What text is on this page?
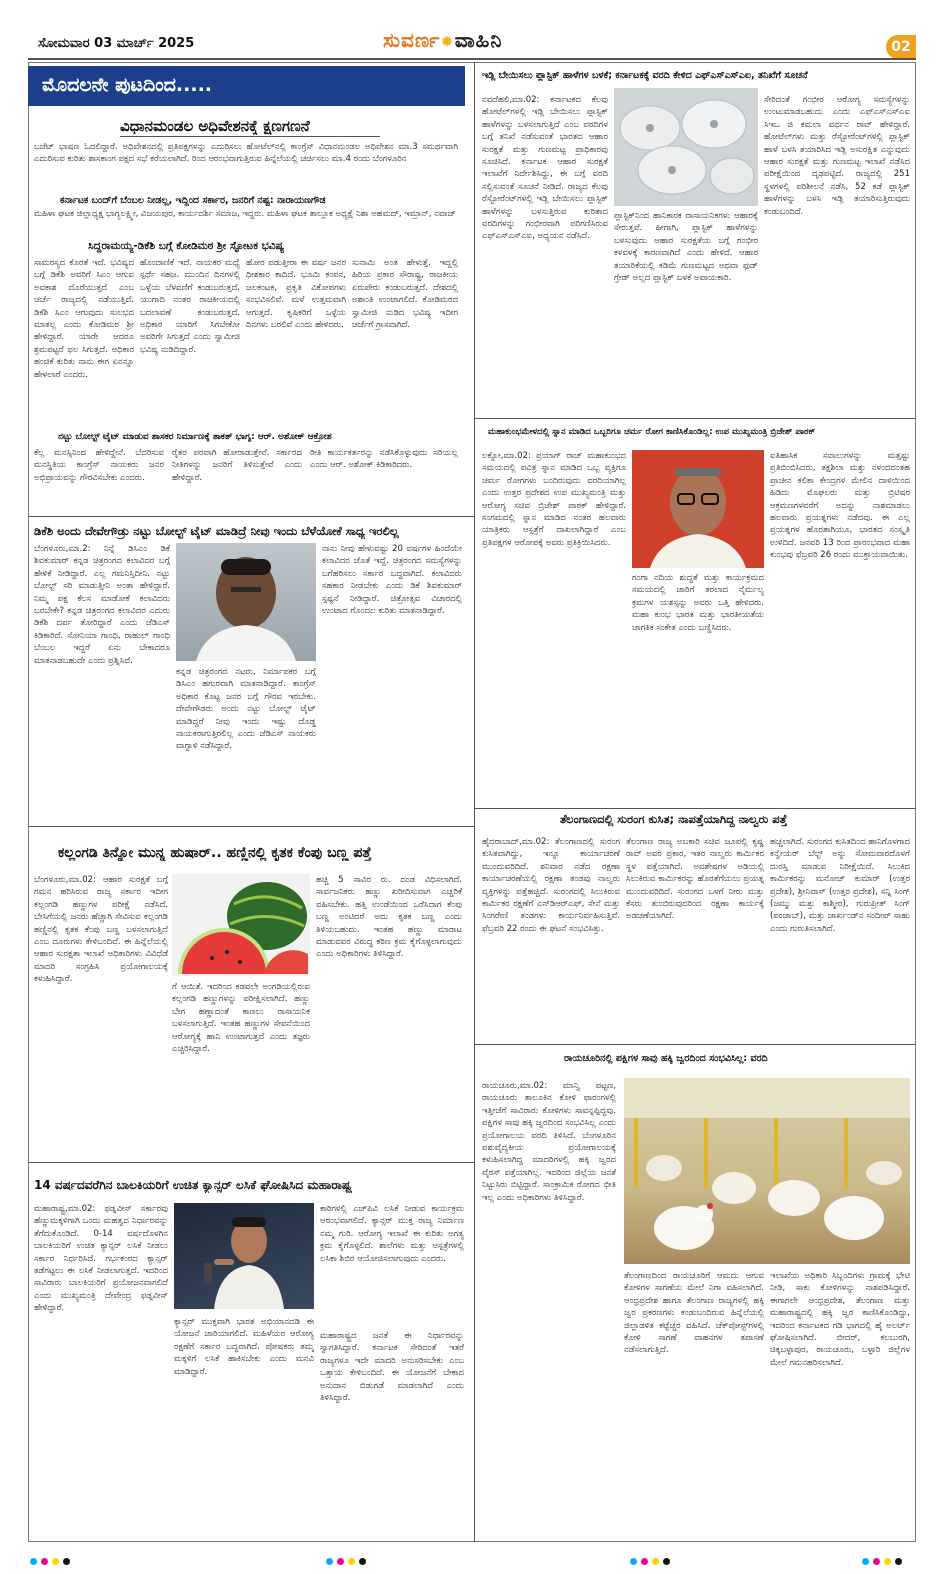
ಸೋಮವಾರ 03 ಮಾರ್ಚ್ 2025	ಸುವರ್ಣ✹ವಾಹಿನಿ	02
ಮೊದಲನೇ ಪುಟದಿಂದ.....
ವಿಧಾನಮಂಡಲ ಅಧಿವೇಶನಕ್ಕೆ ಕ್ಷಣಗಣನೆ
ಬಜೆಟ್ ಭಾಷಣ ಓದಲಿದ್ದಾರೆ. ಅಧಿವೇಶನದಲ್ಲಿ ಪ್ರತಿಪಕ್ಷಗಳನ್ನು ಎದುರಿಸಲು ಹೋಟೆಲ್‌ನಲ್ಲಿ ಕಾಂಗ್ರೆಸ್ ವಿಧಾನಮಂಡಲ ಅಧಿವೇಶನ ಮಾ.3 ಸಮರ್ಥವಾಗಿ ಎದುರಿಸುವ ಕುರಿತು ಶಾಸಕಾಂಗ ಪಕ್ಷದ ಸಭೆ ಕರೆಯಲಾಗಿದೆ. ರಿಂದ ಆರಂಭವಾಗುತ್ತಿರುವ ಹಿನ್ನೆಲೆಯಲ್ಲಿ ಚರ್ಚಿಸಲು ಮಾ.4 ರಂದು ಬೆಂಗಳೂರಿನ
ಕರ್ನಾಟಕ ಬಂದ್‌ಗೆ ಬೆಂಬಲ ನೀಡಲ್ಲ, ಇದ್ದಿಂದ ಸರ್ಕಾರ, ಜನರಿಗೆ ನಷ್ಟ: ನಾರಾಯಣಗೌಡ
ಮಹಿಳಾ ಘಟಕ ಜಿಲ್ಲಾಧ್ಯಕ್ಷ ಭಾಗ್ಯಲಕ್ಷ್ಮೀ, ವಿಜಯಪುರ, ಕಾರ್ಯದರ್ಶಿ ಸಮಾಜ, ಇದ್ದರು. ಮಹಿಳಾ ಘಟಕ ತಾಲ್ಲೂಕ ಅಧ್ಯಕ್ಷೆ ನಿಶಾ ಅಹಮದ್, ಇಮ್ರಾನ್, ನವಾಜ್
ಸಿದ್ದರಾಮಯ್ಯ-ಡಿಕೆಶಿ ಬಗ್ಗೆ ಕೋಡಿಮಠ ಶ್ರೀ ಸ್ಫೋಟಕ ಭವಿಷ್ಯ
ಸಾಮರಸ್ಯದ ಕೊರತೆ ಇದೆ. ಭವಿಷ್ಯದ ಬಗ್ಗೆ ಡಿಕೆಶಿ ಅವರಿಗೆ ಸಿಎಂ ಆಗುವ ಅವಕಾಶ ದೊರೆಯುತ್ತದೆ ಎಂಬ ಚರ್ಚೆ ರಾಜ್ಯದಲ್ಲಿ ನಡೆಯುತ್ತಿದೆ. ಡಿಕೆಶಿ ಸಿಎಂ ಆಗುವುದು ಸುಲಭದ ಮಾತಲ್ಲ ಎಂದು ಕೋಡಿಮಠ ಶ್ರೀ ಹೇಳಿದ್ದಾರೆ. ಯಾರೇ ಆದರೂ ಶ್ರಮಪಟ್ಟರೆ ಫಲ ಸಿಗುತ್ತದೆ. ಅಧಿಕಾರ ಹಂಚಿಕೆ ಕುರಿತು ನಾನು ಈಗ ಏನನ್ನೂ ಹೇಳಲಾರೆ ಎಂದರು.
ಹೊಂದಾಣಿಕೆ ಇದೆ. ನಾಯಕರ ಮಧ್ಯೆ ಸ್ಪರ್ಧೆ ಸಹಜ. ಮುಂದಿನ ದಿನಗಳಲ್ಲಿ ಒಳ್ಳೆಯ ಬೆಳವಣಿಗೆ ಕಂಡುಬರುತ್ತದೆ. ಯುಗಾದಿ ನಂತರ ರಾಜಕೀಯದಲ್ಲಿ ಬದಲಾವಣೆ ಕಂಡುಬರುತ್ತದೆ. ಅಧಿಕಾರ ಯಾರಿಗೆ ಸಿಗಬೇಕೋ ಅವರಿಗೇ ಸಿಗುತ್ತದೆ ಎಂದು ಸ್ವಾಮೀಜಿ ಭವಿಷ್ಯ ನುಡಿದಿದ್ದಾರೆ.
ಹೋರ ಪಡುತ್ತೀರಾ ಈ ವರ್ಷ ಜನರ ಧೀಶಕಾರ ಕಾದಿದೆ. ಭೂಮಿ ಕಂಪನ, ಜಲಕಂಟಕ, ಪ್ರಕೃತಿ ವಿಕೋಪಗಳು ಸಂಭವಿಸಲಿವೆ. ಮಳೆ ಉತ್ತಮವಾಗಿ ಆಗುತ್ತದೆ. ಕೃಷಿಕರಿಗೆ ಒಳ್ಳೆಯ ದಿನಗಳು ಬರಲಿವೆ ಎಂದು ಹೇಳಿದರು.
ಸುನಾಮಿ ಅಂತ ಹೇಳುತ್ತೆ. ಇದ್ದಲ್ಲಿ ಹಿರಿಯ ಪ್ರಕಾರ ಸೌರಾಷ್ಟ್ರ, ರಾಜಕೀಯ ಏರುಪೇರು ಕಂಡುಬರುತ್ತದೆ. ದೇಶದಲ್ಲಿ ಅಶಾಂತಿ ಉಂಟಾಗಲಿದೆ. ಕೋಡಿಮಠದ ಸ್ವಾಮೀಜಿ ನುಡಿದ ಭವಿಷ್ಯ ಇದೀಗ ಚರ್ಚೆಗೆ ಗ್ರಾಸವಾಗಿದೆ.
ನಟ್ಟು ಬೋಲ್ಟ್ ಟೈಟ್ ಮಾಡುವ ಶಾಸಕರ ನಿರ್ಮಾಣಕ್ಕೆ ತಾಕತ್ ಭಾಗ್ಯ: ಆರ್. ಅಶೋಕ್ ಆಕ್ರೋಶ
ಕೆಲ್ಲ ಮನಸ್ಸಿನಿಂದ ಹೇಳಿದ್ದೇನೆ. ಬೆದರಿಸುವ ಮನಸ್ಥಿತಿಯ ಕಾಂಗ್ರೆಸ್ ನಾಯಕರು ಜನರ ಅಭಿಪ್ರಾಯವನ್ನು ಗೌರವಿಸಬೇಕು ಎಂದರು.
ರೈತರ ಪರವಾಗಿ ಹೋರಾಡುತ್ತೇವೆ. ಸರ್ಕಾರದ ನೀತಿಗಳನ್ನು ಜನರಿಗೆ ತಿಳಿಸುತ್ತೇವೆ ಎಂದು ಹೇಳಿದ್ದಾರೆ.
ರೀತಿ ಕಾರ್ಯಕರ್ತರನ್ನು ನಡೆಸಿಕೊಳ್ಳುವುದು ಸರಿಯಲ್ಲ ಎಂದು ಆರ್. ಅಶೋಕ್ ಕಿಡಿಕಾರಿದರು.
ಡಿಕೆಶಿ ಅಂದು ದೇವೇಗೌಡ್ರು ನಟ್ಟು ಬೋಲ್ಟ್ ಟೈಟ್ ಮಾಡಿದ್ರೆ ನೀವು ಇಂದು ಬೆಳೆಯೋಕೆ ಸಾಧ್ಯ ಇರಲಿಲ್ಲ
ಬೆಂಗಳೂರು,ಮಾ.2: ನಿನ್ನೆ ಡಿಸಿಎಂ ಡಿಕೆ ಶಿವಕುಮಾರ್ ಕನ್ನಡ ಚಿತ್ರರಂಗದ ಕಲಾವಿದರ ಬಗ್ಗೆ ಹೇಳಿಕೆ ನೀಡಿದ್ದಾರೆ. ಎಲ್ಲ ಗಮನಿಸ್ತಿದೀನಿ. ನಟ್ಟು ಬೋಲ್ಟ್ ಸರಿ ಮಾಡುತ್ತೀನಿ ಅಂತಾ ಹೇಳಿದ್ದಾರೆ. ನಿಮ್ಮ ಪಕ್ಷ ಕೆಲಸ ಮಾಡೋಕೆ ಕಲಾವಿದರು ಬರಬೇಕೇ? ಕನ್ನಡ ಚಿತ್ರರಂಗದ ಕಲಾವಿದರ ಎದುರು ಡಿಕೆಶಿ ದರ್ಪ ತೋರಿದ್ದಾರೆ ಎಂದು ಜೆಡಿಎಸ್ ಕಿಡಿಕಾರಿದೆ. ಸೋನಿಯಾ ಗಾಂಧಿ, ರಾಹುಲ್ ಗಾಂಧಿ ಬೆಂಬಲ ಇದ್ದರೆ ಏನು ಬೇಕಾದರೂ ಮಾತನಾಡಬಹುದೇ ಎಂದು ಪ್ರಶ್ನಿಸಿದೆ.
ಕನ್ನಡ ಚಿತ್ರರಂಗದ ನಟರು, ನಿರ್ಮಾಪಕರ ಬಗ್ಗೆ ಡಿಸಿಎಂ ಹಗುರವಾಗಿ ಮಾತನಾಡಿದ್ದಾರೆ. ಕಾಂಗ್ರೆಸ್ ಅಧಿಕಾರ ಕೊಟ್ಟ ಜನರ ಬಗ್ಗೆ ಗೌರವ ಇರಬೇಕು. ದೇವೇಗೌಡರು ಅಂದು ನಟ್ಟು ಬೋಲ್ಟ್ ಟೈಟ್ ಮಾಡಿದ್ದರೆ ನೀವು ಇಂದು ಇಷ್ಟು ದೊಡ್ಡ ನಾಯಕರಾಗುತ್ತಿರಲಿಲ್ಲ ಎಂದು ಜೆಡಿಎಸ್ ನಾಯಕರು ವಾಗ್ದಾಳಿ ನಡೆಸಿದ್ದಾರೆ.
ನಾನು ನೀವು ಹೇಳುವಷ್ಟು 20 ವರ್ಷಗಳ ಹಿಂದೆಯೇ ಕಲಾವಿದರ ಜೊತೆ ಇದ್ದೆ. ಚಿತ್ರರಂಗದ ಸಮಸ್ಯೆಗಳನ್ನು ಬಗೆಹರಿಸಲು ಸರ್ಕಾರ ಬದ್ಧವಾಗಿದೆ. ಕಲಾವಿದರು ಸಹಕಾರ ನೀಡಬೇಕು ಎಂದು ಡಿಕೆ ಶಿವಕುಮಾರ್ ಸ್ಪಷ್ಟನೆ ನೀಡಿದ್ದಾರೆ. ಚಿತ್ರೋತ್ಸವ ವಿಚಾರದಲ್ಲಿ ಉಂಟಾದ ಗೊಂದಲ ಕುರಿತು ಮಾತನಾಡಿದ್ದಾರೆ.
ಕಲ್ಲಂಗಡಿ ತಿನ್ನೋ ಮುನ್ನ ಹುಷಾರ್.. ಹಣ್ಣಿನಲ್ಲಿ ಕೃತಕ ಕೆಂಪು ಬಣ್ಣ ಪತ್ತೆ
ಬೆಂಗಳೂರು,ಮಾ.02: ಆಹಾರ ಸುರಕ್ಷತೆ ಬಗ್ಗೆ ಗಮನ ಹರಿಸಿರುವ ರಾಜ್ಯ ಸರ್ಕಾರ ಇದೀಗ ಕಲ್ಲಂಗಡಿ ಹಣ್ಣುಗಳ ಪರೀಕ್ಷೆ ನಡೆಸಿದೆ. ಬೇಸಿಗೆಯಲ್ಲಿ ಜನರು ಹೆಚ್ಚಾಗಿ ಸೇವಿಸುವ ಕಲ್ಲಂಗಡಿ ಹಣ್ಣಿನಲ್ಲಿ ಕೃತಕ ಕೆಂಪು ಬಣ್ಣ ಬಳಸಲಾಗುತ್ತಿದೆ ಎಂಬ ದೂರುಗಳು ಕೇಳಿಬಂದಿವೆ. ಈ ಹಿನ್ನೆಲೆಯಲ್ಲಿ ಆಹಾರ ಸುರಕ್ಷತಾ ಇಲಾಖೆ ಅಧಿಕಾರಿಗಳು ವಿವಿಧೆಡೆ ಮಾದರಿ ಸಂಗ್ರಹಿಸಿ ಪ್ರಯೋಗಾಲಯಕ್ಕೆ ಕಳುಹಿಸಿದ್ದಾರೆ.
ಗೆ ಆಯಿತೆ. ಇದರಿಂದ ಕಡವಲೇ ಅಂಗಡಿಯಲ್ಲಿರುವ ಕಲ್ಲಂಗಡಿ ಹಣ್ಣುಗಳನ್ನು ಪರೀಕ್ಷಿಸಲಾಗಿದೆ. ಹಣ್ಣು ಬೇಗ ಹಣ್ಣಾದಂತೆ ಕಾಣಲು ರಾಸಾಯನಿಕ ಬಳಸಲಾಗುತ್ತಿದೆ. ಇಂತಹ ಹಣ್ಣುಗಳ ಸೇವನೆಯಿಂದ ಆರೋಗ್ಯಕ್ಕೆ ಹಾನಿ ಉಂಟಾಗುತ್ತದೆ ಎಂದು ತಜ್ಞರು ಎಚ್ಚರಿಸಿದ್ದಾರೆ.
ಹಚ್ಚಿ 5 ಸಾವಿರ ರು. ದಂಡ ವಿಧಿಸಲಾಗಿದೆ. ಸಾರ್ವಜನಿಕರು ಹಣ್ಣು ಖರೀದಿಸುವಾಗ ಎಚ್ಚರಿಕೆ ವಹಿಸಬೇಕು. ಹತ್ತಿ ಉಂಡೆಯಿಂದ ಒರೆಸಿದಾಗ ಕೆಂಪು ಬಣ್ಣ ಅಂಟಿದರೆ ಅದು ಕೃತಕ ಬಣ್ಣ ಎಂದು ತಿಳಿಯಬಹುದು. ಇಂತಹ ಹಣ್ಣು ಮಾರಾಟ ಮಾಡುವವರ ವಿರುದ್ಧ ಕಠಿಣ ಕ್ರಮ ಕೈಗೊಳ್ಳಲಾಗುವುದು ಎಂದು ಅಧಿಕಾರಿಗಳು ತಿಳಿಸಿದ್ದಾರೆ.
14 ವರ್ಷದವರೆಗಿನ ಬಾಲಕಿಯರಿಗೆ ಉಚಿತ ಕ್ಯಾನ್ಸರ್ ಲಸಿಕೆ ಘೋಷಿಸಿದ ಮಹಾರಾಷ್ಟ್ರ
ಮಹಾರಾಷ್ಟ್ರ,ಮಾ.02: ಫಡ್ನವೀಸ್ ಸರ್ಕಾರವು ಹೆಣ್ಣುಮಕ್ಕಳಿಗಾಗಿ ಒಂದು ಮಹತ್ವದ ನಿರ್ಧಾರವನ್ನು ತೆಗೆದುಕೊಂಡಿದೆ. 0-14 ವರ್ಷದೊಳಗಿನ ಬಾಲಕಿಯರಿಗೆ ಉಚಿತ ಕ್ಯಾನ್ಸರ್ ಲಸಿಕೆ ನೀಡಲು ಸರ್ಕಾರ ನಿರ್ಧರಿಸಿದೆ. ಗರ್ಭಕಂಠದ ಕ್ಯಾನ್ಸರ್ ತಡೆಗಟ್ಟಲು ಈ ಲಸಿಕೆ ನೀಡಲಾಗುತ್ತದೆ. ಇದರಿಂದ ಸಾವಿರಾರು ಬಾಲಕಿಯರಿಗೆ ಪ್ರಯೋಜನವಾಗಲಿದೆ ಎಂದು ಮುಖ್ಯಮಂತ್ರಿ ದೇವೇಂದ್ರ ಫಡ್ನವೀಸ್ ಹೇಳಿದ್ದಾರೆ.
ಕಾರಿಗಳಲ್ಲಿ ಎಚ್‌ಪಿವಿ ಲಸಿಕೆ ನೀಡುವ ಕಾರ್ಯಕ್ರಮ ಆರಂಭವಾಗಲಿದೆ. ಕ್ಯಾನ್ಸರ್ ಮುಕ್ತ ರಾಜ್ಯ ನಿರ್ಮಾಣ ನಮ್ಮ ಗುರಿ. ಆರೋಗ್ಯ ಇಲಾಖೆ ಈ ಕುರಿತು ಅಗತ್ಯ ಕ್ರಮ ಕೈಗೊಳ್ಳಲಿದೆ. ಶಾಲೆಗಳು ಮತ್ತು ಆಸ್ಪತ್ರೆಗಳಲ್ಲಿ ಲಸಿಕಾ ಶಿಬಿರ ಆಯೋಜಿಸಲಾಗುವುದು ಎಂದರು.
ಕ್ಯಾನ್ಸರ್ ಮುಕ್ತವಾಗಿ ಭಾರತ ಅಭಿಯಾನದಡಿ ಈ ಯೋಜನೆ ಜಾರಿಯಾಗಲಿದೆ. ಮಹಿಳೆಯರ ಆರೋಗ್ಯ ರಕ್ಷಣೆಗೆ ಸರ್ಕಾರ ಬದ್ಧವಾಗಿದೆ. ಪೋಷಕರು ತಮ್ಮ ಮಕ್ಕಳಿಗೆ ಲಸಿಕೆ ಹಾಕಿಸಬೇಕು ಎಂದು ಮನವಿ ಮಾಡಿದ್ದಾರೆ.
ಮಹಾರಾಷ್ಟ್ರದ ಜನತೆ ಈ ನಿರ್ಧಾರವನ್ನು ಸ್ವಾಗತಿಸಿದ್ದಾರೆ. ಕರ್ನಾಟಕ ಸೇರಿದಂತೆ ಇತರೆ ರಾಜ್ಯಗಳೂ ಇದೇ ಮಾದರಿ ಅನುಸರಿಸಬೇಕು ಎಂಬ ಒತ್ತಾಯ ಕೇಳಿಬಂದಿದೆ. ಈ ಯೋಜನೆಗೆ ಬೇಕಾದ ಅನುದಾನ ಬಿಡುಗಡೆ ಮಾಡಲಾಗಿದೆ ಎಂದು ತಿಳಿಸಿದ್ದಾರೆ.
ಇಡ್ಲಿ ಬೇಯಿಸಲು ಪ್ಲಾಸ್ಟಿಕ್ ಹಾಳೆಗಳ ಬಳಕೆ; ಕರ್ನಾಟಕಕ್ಕೆ ವರದಿ ಕೇಳಿದ ಎಫ್‌ಎಸ್‌ಎಸ್‌ಎಐ, ತನಿಖೆಗೆ ಸೂಚನೆ
ನವದೆಹಲಿ,ಮಾ.02: ಕರ್ನಾಟಕದ ಕೆಲವು ಹೋಟೆಲ್‌ಗಳಲ್ಲಿ ಇಡ್ಲಿ ಬೇಯಿಸಲು ಪ್ಲಾಸ್ಟಿಕ್ ಹಾಳೆಗಳನ್ನು ಬಳಸಲಾಗುತ್ತಿದೆ ಎಂಬ ವರದಿಗಳ ಬಗ್ಗೆ ತನಿಖೆ ನಡೆಸುವಂತೆ ಭಾರತದ ಆಹಾರ ಸುರಕ್ಷತೆ ಮತ್ತು ಗುಣಮಟ್ಟ ಪ್ರಾಧಿಕಾರವು ಸೂಚಿಸಿದೆ. ಕರ್ನಾಟಕ ಆಹಾರ ಸುರಕ್ಷತೆ ಇಲಾಖೆಗೆ ನಿರ್ದೇಶಿಸಿದ್ದು, ಈ ಬಗ್ಗೆ ವರದಿ ಸಲ್ಲಿಸುವಂತೆ ಸೂಚನೆ ನೀಡಿದೆ. ರಾಜ್ಯದ ಕೆಲವು ರೆಸ್ಟೋರೆಂಟ್‌ಗಳಲ್ಲಿ ಇಡ್ಲಿ ಬೇಯಿಸಲು ಪ್ಲಾಸ್ಟಿಕ್ ಹಾಳೆಗಳನ್ನು ಬಳಸುತ್ತಿರುವ ಕುರಿತಾದ ವರದಿಗಳನ್ನು ಗಂಭೀರವಾಗಿ ಪರಿಗಣಿಸಿರುವ ಎಫ್‌ಎಸ್‌ಎಸ್‌ಎಐ, ಅಧ್ಯಯನ ನಡೆಸಿದೆ.
ಪ್ಲಾಸ್ಟಿಕ್‌ನಿಂದ ಹಾನಿಕಾರಕ ರಾಸಾಯನಿಕಗಳು ಆಹಾರಕ್ಕೆ ಸೇರುತ್ತವೆ. ಹೀಗಾಗಿ, ಪ್ಲಾಸ್ಟಿಕ್ ಹಾಳೆಗಳನ್ನು ಬಳಸುವುದು ಆಹಾರ ಸುರಕ್ಷತೆಯ ಬಗ್ಗೆ ಗಂಭೀರ ಕಳವಳಕ್ಕೆ ಕಾರಣವಾಗಿದೆ ಎಂದು ಹೇಳಿದೆ. ಆಹಾರ ತಯಾರಿಕೆಯಲ್ಲಿ ಕಡಿಮೆ ಗುಣಮಟ್ಟದ ಅಥವಾ ಫುಡ್ ಗ್ರೇಡ್ ಅಲ್ಲದ ಪ್ಲಾಸ್ಟಿಕ್ ಬಳಕೆ ಅಪಾಯಕಾರಿ.
ಸೇರಿದಂತೆ ಗಂಭೀರ ಆರೋಗ್ಯ ಸಮಸ್ಯೆಗಳನ್ನು ಉಂಟುಮಾಡಬಹುದು ಎಂದು ಎಫ್‌ಎಸ್‌ಎಸ್‌ಎಐ ಸಿಇಒ ಜಿ ಕಮಲಾ ವರ್ಧನ ರಾವ್ ಹೇಳಿದ್ದಾರೆ. ಹೋಟೆಲ್‌ಗಳು ಮತ್ತು ರೆಸ್ಟೋರೆಂಟ್‌ಗಳಲ್ಲಿ ಪ್ಲಾಸ್ಟಿಕ್ ಹಾಳೆ ಬಳಸಿ ತಯಾರಿಸಿದ ಇಡ್ಲಿ ಅಸುರಕ್ಷಿತ ಎನ್ನುವುದು ಆಹಾರ ಸುರಕ್ಷತೆ ಮತ್ತು ಗುಣಮಟ್ಟ ಇಲಾಖೆ ನಡೆಸಿದ ಪರೀಕ್ಷೆಯಿಂದ ದೃಢಪಟ್ಟಿದೆ. ರಾಜ್ಯದಲ್ಲಿ 251 ಸ್ಥಳಗಳಲ್ಲಿ ಪರಿಶೀಲನೆ ನಡೆಸಿ, 52 ಕಡೆ ಪ್ಲಾಸ್ಟಿಕ್ ಹಾಳೆಗಳನ್ನು ಬಳಸಿ ಇಡ್ಲಿ ತಯಾರಿಸುತ್ತಿರುವುದು ಕಂಡುಬಂದಿದೆ.
ಮಹಾಕುಂಭಮೇಳದಲ್ಲಿ ಸ್ನಾನ ಮಾಡಿದ ಒಬ್ಬರಿಗೂ ಚರ್ಮ ರೋಗ ಕಾಣಿಸಿಕೊಂಡಿಲ್ಲ: ಉಪ ಮುಖ್ಯಮಂತ್ರಿ ಬ್ರಿಜೇಶ್ ಪಾಠಕ್
ಲಕ್ನೋ,ಮಾ.02: ಪ್ರಯಾಗ್ ರಾಜ್ ಮಹಾಕುಂಭದ ಸಮಯದಲ್ಲಿ ಪವಿತ್ರ ಸ್ನಾನ ಮಾಡಿದ ಒಬ್ಬ ವ್ಯಕ್ತಿಗೂ ಚರ್ಮ ರೋಗಗಳು ಬಂದಿರುವುದು ವರದಿಯಾಗಿಲ್ಲ ಎಂದು ಉತ್ತರ ಪ್ರದೇಶದ ಉಪ ಮುಖ್ಯಮಂತ್ರಿ ಮತ್ತು ಆರೋಗ್ಯ ಸಚಿವ ಬ್ರಿಜೇಶ್ ಪಾಠಕ್ ಹೇಳಿದ್ದಾರೆ. ಸಂಗಮದಲ್ಲಿ ಸ್ನಾನ ಮಾಡಿದ ನಂತರ ಹಲವಾರು ಯಾತ್ರಿಕರು ಆಸ್ಪತ್ರೆಗೆ ದಾಖಲಾಗಿದ್ದಾರೆ ಎಂಬ ಪ್ರತಿಪಕ್ಷಗಳ ಆರೋಪಕ್ಕೆ ಅವರು ಪ್ರತಿಕ್ರಿಯಿಸಿದರು.
ಗಂಗಾ ನದಿಯ ಶುದ್ಧತೆ ಮತ್ತು ಕಾರ್ಯಕ್ರಮದ ಸಮಯದಲ್ಲಿ ಜಾರಿಗೆ ತರಲಾದ ನೈರ್ಮಲ್ಯ ಕ್ರಮಗಳ ಯಶಸ್ಸನ್ನು ಅವರು ಒತ್ತಿ ಹೇಳಿದರು. ಮಹಾ ಕುಂಭ ಭಾರತ ಮತ್ತು ಭಾರತೀಯತೆಯ ಜಾಗತಿಕ ಸಂಕೇತ ಎಂದು ಬಣ್ಣಿಸಿದರು.
ಐತಿಹಾಸಿಕ ಸವಾಲುಗಳನ್ನು ಮತ್ತಷ್ಟು ಪ್ರತಿಬಿಂಬಿಸಿದರು, ತಕ್ಷಶಿಲಾ ಮತ್ತು ನಳಂದದಂತಹ ಪ್ರಾಚೀನ ಕಲಿಕಾ ಕೇಂದ್ರಗಳ ಮೇಲಿನ ದಾಳಿಯಿಂದ ಹಿಡಿದು ಮೊಘಲರು ಮತ್ತು ಬ್ರಿಟಿಷರ ಆಕ್ರಮಣಗಳವರೆಗೆ ಅದನ್ನು ನಾಶಮಾಡಲು ಹಲವಾರು ಪ್ರಯತ್ನಗಳು ನಡೆದವು. ಈ ಎಲ್ಲ ಪ್ರಯತ್ನಗಳ ಹೊರತಾಗಿಯೂ, ಭಾರತದ ಸಂಸ್ಕೃತಿ ಉಳಿದಿದೆ. ಜನವರಿ 13 ರಿಂದ ಪ್ರಾರಂಭವಾದ ಮಹಾ ಕುಂಭವು ಫೆಬ್ರವರಿ 26 ರಂದು ಮುಕ್ತಾಯವಾಯಿತು.
ತೆಲಂಗಾಣದಲ್ಲಿ ಸುರಂಗ ಕುಸಿತ; ನಾಪತ್ತೆಯಾಗಿದ್ದ ನಾಲ್ವರು ಪತ್ತೆ
ಹೈದರಾಬಾದ್,ಮಾ.02: ತೆಲಂಗಾಣದಲ್ಲಿ ಸುರಂಗ ಕುಸಿತವಾಗಿದ್ದು, ಇನ್ನೂ ಕಾರ್ಯಾಚರಣೆ ಮುಂದುವರಿದಿದೆ. ಶನಿವಾರ ನಡೆದ ರಕ್ಷಣಾ ಕಾರ್ಯಾಚರಣೆಯಲ್ಲಿ ರಕ್ಷಣಾ ತಂಡವು ನಾಲ್ವರು ವ್ಯಕ್ತಿಗಳನ್ನು ಪತ್ತೆಹಚ್ಚಿದೆ. ಸುರಂಗದಲ್ಲಿ ಸಿಲುಕಿರುವ ಕಾರ್ಮಿಕರ ರಕ್ಷಣೆಗೆ ಎನ್‌ಡಿಆರ್‌ಎಫ್, ಸೇನೆ ಮತ್ತು ಸಿಂಗರೇಣಿ ತಂಡಗಳು ಕಾರ್ಯನಿರ್ವಹಿಸುತ್ತಿವೆ. ಫೆಬ್ರವರಿ 22 ರಂದು ಈ ಘಟನೆ ಸಂಭವಿಸಿತ್ತು.
ತೆಲಂಗಾಣ ರಾಜ್ಯ ಅಬಕಾರಿ ಸಚಿವ ಜೂಪಲ್ಲಿ ಕೃಷ್ಣ ರಾವ್ ಅವರ ಪ್ರಕಾರ, ಇತರ ನಾಲ್ವರು ಕಾರ್ಮಿಕರ ಸ್ಥಳ ಪತ್ತೆಯಾಗಿದೆ. ಅವಶೇಷಗಳ ಅಡಿಯಲ್ಲಿ ಸಿಲುಕಿರುವ ಕಾರ್ಮಿಕರನ್ನು ಹೊರತೆಗೆಯಲು ಪ್ರಯತ್ನ ಮುಂದುವರಿದಿದೆ. ಸುರಂಗದ ಒಳಗೆ ನೀರು ಮತ್ತು ಕೆಸರು ತುಂಬಿರುವುದರಿಂದ ರಕ್ಷಣಾ ಕಾರ್ಯಕ್ಕೆ ಅಡಚಣೆಯಾಗಿದೆ.
ಹಚ್ಚಲಾಗಿದೆ. ಸುರಂಗದ ಕುಸಿತದಿಂದ ಹಾನಿಗೊಳಗಾದ ಕನ್ವೇಯರ್ ಬೆಲ್ಟ್ ಅನ್ನು ಸೋಮವಾರದೊಳಗೆ ದುರಸ್ತಿ ಮಾಡುವ ನಿರೀಕ್ಷೆಯಿದೆ. ಸಿಲುಕಿದ ಕಾರ್ಮಿಕರನ್ನು ಮನೋಜ್ ಕುಮಾರ್ (ಉತ್ತರ ಪ್ರದೇಶ), ಶ್ರೀನಿವಾಸ್ (ಉತ್ತರ ಪ್ರದೇಶ), ಸನ್ನಿ ಸಿಂಗ್ (ಜಮ್ಮು ಮತ್ತು ಕಾಶ್ಮೀರ), ಗುರುಪ್ರೀತ್ ಸಿಂಗ್ (ಪಂಜಾಬ್), ಮತ್ತು ಜಾರ್ಖಂಡ್‌ನ ಸಂದೀಪ್ ಸಾಹು ಎಂದು ಗುರುತಿಸಲಾಗಿದೆ.
ರಾಯಚೂರಿನಲ್ಲಿ ಪಕ್ಷಿಗಳ ಸಾವು ಹಕ್ಕಿ ಜ್ವರದಿಂದ ಸಂಭವಿಸಿಲ್ಲ: ವರದಿ
ರಾಯಚೂರು,ಮಾ.02: ಮಾನ್ವಿ ಪಟ್ಟಣ, ರಾಯಚೂರು ತಾಲೂಕಿನ ಕೋಳಿ ಫಾರಂಗಳಲ್ಲಿ ಇತ್ತೀಚೆಗೆ ಸಾವಿರಾರು ಕೋಳಿಗಳು ಸಾವನ್ನಪ್ಪಿದ್ದವು. ಪಕ್ಷಿಗಳ ಸಾವು ಹಕ್ಕಿ ಜ್ವರದಿಂದ ಸಂಭವಿಸಿಲ್ಲ ಎಂದು ಪ್ರಯೋಗಾಲಯ ವರದಿ ತಿಳಿಸಿದೆ. ಬೆಂಗಳೂರಿನ ಪಶುವೈದ್ಯಕೀಯ ಪ್ರಯೋಗಾಲಯಕ್ಕೆ ಕಳುಹಿಸಲಾಗಿದ್ದ ಮಾದರಿಗಳಲ್ಲಿ ಹಕ್ಕಿ ಜ್ವರದ ವೈರಸ್ ಪತ್ತೆಯಾಗಿಲ್ಲ. ಇದರಿಂದ ಜಿಲ್ಲೆಯ ಜನತೆ ನಿಟ್ಟುಸಿರು ಬಿಟ್ಟಿದ್ದಾರೆ. ಸಾಂಕ್ರಾಮಿಕ ರೋಗದ ಭೀತಿ ಇಲ್ಲ ಎಂದು ಅಧಿಕಾರಿಗಳು ತಿಳಿಸಿದ್ದಾರೆ.
ತೆಲಂಗಾಣದಿಂದ ರಾಯಚೂರಿಗೆ ಆಮದು ಆಗುವ ಕೋಳಿಗಳ ಸಾಗಣೆಯ ಮೇಲೆ ನಿಗಾ ವಹಿಸಲಾಗಿದೆ. ಆಂಧ್ರಪ್ರದೇಶ ಹಾಗೂ ತೆಲಂಗಾಣ ರಾಜ್ಯಗಳಲ್ಲಿ ಹಕ್ಕಿ ಜ್ವರ ಪ್ರಕರಣಗಳು ಕಂಡುಬಂದಿರುವ ಹಿನ್ನೆಲೆಯಲ್ಲಿ ಜಿಲ್ಲಾಡಳಿತ ಕಟ್ಟೆಚ್ಚರ ವಹಿಸಿದೆ. ಚೆಕ್‌ಪೋಸ್ಟ್‌ಗಳಲ್ಲಿ ಕೋಳಿ ಸಾಗಣೆ ವಾಹನಗಳ ತಪಾಸಣೆ ನಡೆಸಲಾಗುತ್ತಿದೆ.
ಇಲಾಖೆಯ ಅಧಿಕಾರಿ ಸಿಬ್ಬಂದಿಗಳು ಗ್ರಾಮಕ್ಕೆ ಭೇಟಿ ನೀಡಿ, ಸಾಕು ಕೋಳಿಗಳನ್ನು ನಾಶಪಡಿಸಿದ್ದಾರೆ. ಈಗಾಗಲೇ ಆಂಧ್ರಪ್ರದೇಶ, ತೆಲಂಗಾಣ ಮತ್ತು ಮಹಾರಾಷ್ಟ್ರದಲ್ಲಿ ಹಕ್ಕಿ ಜ್ವರ ಕಾಣಿಸಿಕೊಂಡಿದ್ದು, ಇದರಿಂದ ಕರ್ನಾಟಕದ ಗಡಿ ಭಾಗದಲ್ಲಿ ಹೈ ಅಲರ್ಟ್ ಘೋಷಿಸಲಾಗಿದೆ. ಬೀದರ್, ಕಲಬುರಗಿ, ಚಿಕ್ಕಬಳ್ಳಾಪುರ, ರಾಯಚೂರು, ಬಳ್ಳಾರಿ ಜಿಲ್ಲೆಗಳ ಮೇಲೆ ಗಮನಹರಿಸಲಾಗಿದೆ.
